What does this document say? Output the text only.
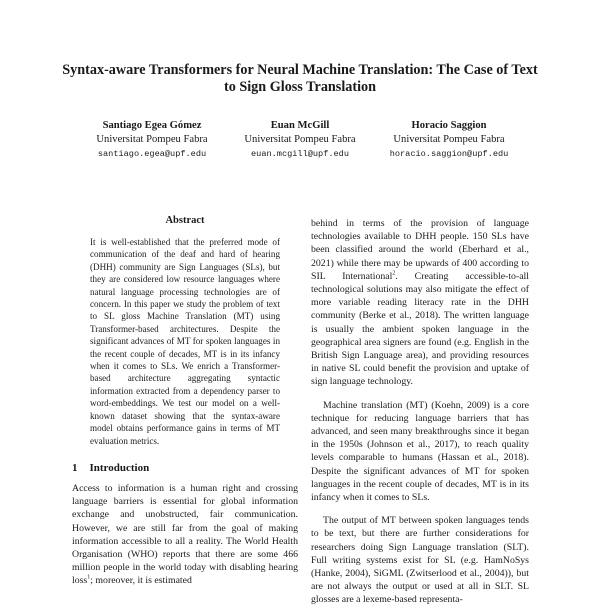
Syntax-aware Transformers for Neural Machine Translation: The Case of Text to Sign Gloss Translation
Santiago Egea Gómez
Universitat Pompeu Fabra
santiago.egea@upf.edu
Euan McGill
Universitat Pompeu Fabra
euan.mcgill@upf.edu
Horacio Saggion
Universitat Pompeu Fabra
horacio.saggion@upf.edu
Abstract
It is well-established that the preferred mode of communication of the deaf and hard of hearing (DHH) community are Sign Languages (SLs), but they are considered low resource languages where natural language processing technologies are of concern. In this paper we study the problem of text to SL gloss Machine Translation (MT) using Transformer-based architectures. Despite the significant advances of MT for spoken languages in the recent couple of decades, MT is in its infancy when it comes to SLs. We enrich a Transformer-based architecture aggregating syntactic information extracted from a dependency parser to word-embeddings. We test our model on a well-known dataset showing that the syntax-aware model obtains performance gains in terms of MT evaluation metrics.
1 Introduction

Access to information is a human right and crossing language barriers is essential for global information exchange and unobstructed, fair communication. However, we are still far from the goal of making information accessible to all a reality. The World Health Organisation (WHO) reports that there are some 466 million people in the world today with disabling hearing loss$^1$; moreover, it is estimated

behind in terms of the provision of language technologies available to DHH people. 150 SLs have been classified around the world (Eberhard et al., 2021) while there may be upwards of 400 according to SIL International$^2$. Creating accessible-to-all technological solutions may also mitigate the effect of more variable reading literacy rate in the DHH community (Berke et al., 2018). The written language is usually the ambient spoken language in the geographical area signers are found (e.g. English in the British Sign Language area), and providing resources in native SL could benefit the provision and uptake of sign language technology.

Machine translation (MT) (Koehn, 2009) is a core technique for reducing language barriers that has advanced, and seen many breakthroughs since it began in the 1950s (Johnson et al., 2017), to reach quality levels comparable to humans (Hassan et al., 2018). Despite the significant advances of MT for spoken languages in the recent couple of decades, MT is in its infancy when it comes to SLs.

The output of MT between spoken languages tends to be text, but there are further considerations for researchers doing Sign Language translation (SLT). Full writing systems exist for SL (e.g. HamNoSys (Hanke, 2004), SiGML (Zwitserlood et al., 2004)), but are not always the output or used at all in SLT. SL glosses are a lexeme-based representa-
